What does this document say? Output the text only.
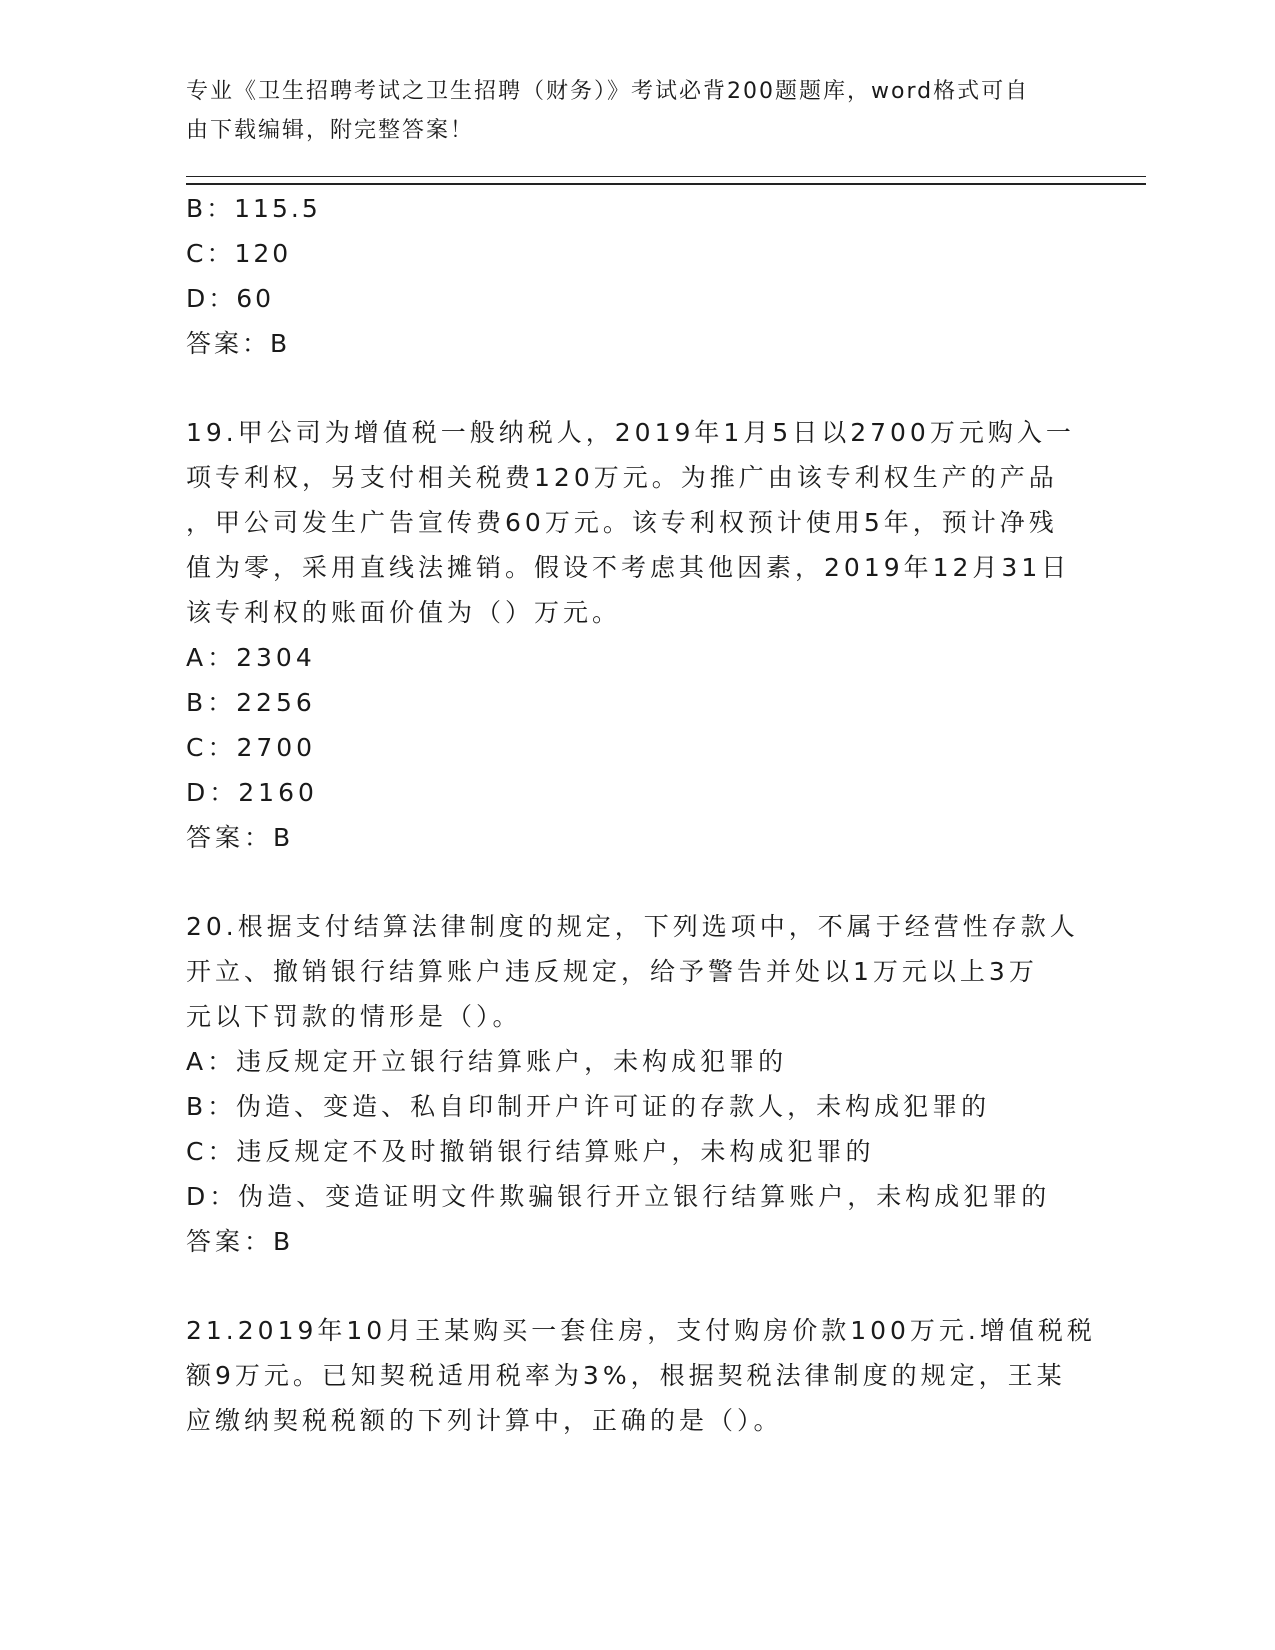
专业《卫生招聘考试之卫生招聘（财务）》考试必背200题题库，word格式可自
由下载编辑，附完整答案！
B：115.5
C：120
D：60
答案：B
19.甲公司为增值税一般纳税人，2019年1月5日以2700万元购入一
项专利权，另支付相关税费120万元。为推广由该专利权生产的产品
，甲公司发生广告宣传费60万元。该专利权预计使用5年，预计净残
值为零，采用直线法摊销。假设不考虑其他因素，2019年12月31日
该专利权的账面价值为（）万元。
A：2304
B：2256
C：2700
D：2160
答案：B
20.根据支付结算法律制度的规定，下列选项中，不属于经营性存款人
开立、撤销银行结算账户违反规定，给予警告并处以1万元以上3万
元以下罚款的情形是（）。
A：违反规定开立银行结算账户，未构成犯罪的
B：伪造、变造、私自印制开户许可证的存款人，未构成犯罪的
C：违反规定不及时撤销银行结算账户，未构成犯罪的
D：伪造、变造证明文件欺骗银行开立银行结算账户，未构成犯罪的
答案：B
21.2019年10月王某购买一套住房，支付购房价款100万元.增值税税
额9万元。已知契税适用税率为3%，根据契税法律制度的规定，王某
应缴纳契税税额的下列计算中，正确的是（）。
